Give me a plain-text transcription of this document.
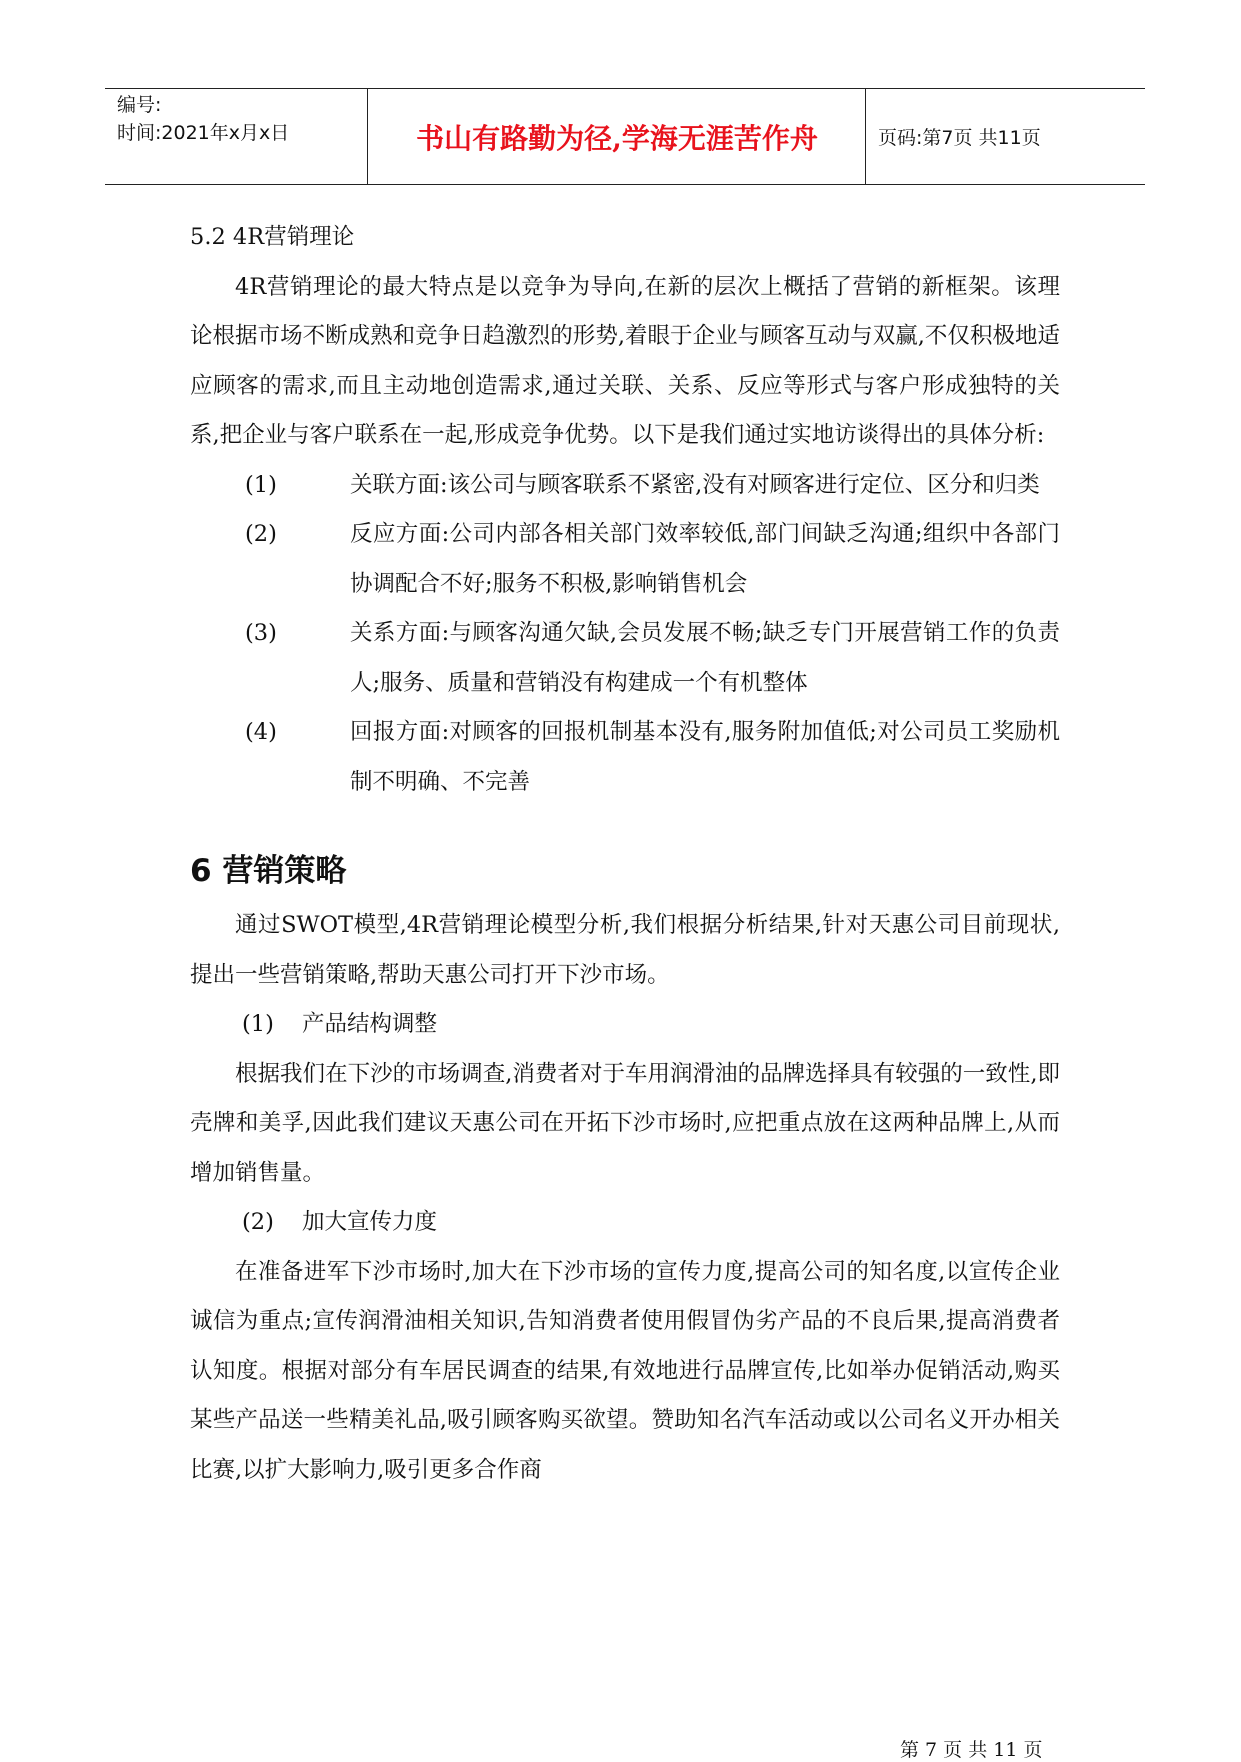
编号:
时间:2021年x月x日	书山有路勤为径,学海无涯苦作舟	页码:第7页 共11页

5.2 4R营销理论

4R营销理论的最大特点是以竞争为导向,在新的层次上概括了营销的新框架。该理论根据市场不断成熟和竞争日趋激烈的形势,着眼于企业与顾客互动与双赢,不仅积极地适应顾客的需求,而且主动地创造需求,通过关联、关系、反应等形式与客户形成独特的关系,把企业与客户联系在一起,形成竞争优势。以下是我们通过实地访谈得出的具体分析:

(1)	关联方面:该公司与顾客联系不紧密,没有对顾客进行定位、区分和归类
(2)	反应方面:公司内部各相关部门效率较低,部门间缺乏沟通;组织中各部门协调配合不好;服务不积极,影响销售机会
(3)	关系方面:与顾客沟通欠缺,会员发展不畅;缺乏专门开展营销工作的负责人;服务、质量和营销没有构建成一个有机整体
(4)	回报方面:对顾客的回报机制基本没有,服务附加值低;对公司员工奖励机制不明确、不完善
6 营销策略

通过SWOT模型,4R营销理论模型分析,我们根据分析结果,针对天惠公司目前现状,提出一些营销策略,帮助天惠公司打开下沙市场。

(1) 产品结构调整

根据我们在下沙的市场调查,消费者对于车用润滑油的品牌选择具有较强的一致性,即壳牌和美孚,因此我们建议天惠公司在开拓下沙市场时,应把重点放在这两种品牌上,从而增加销售量。

(2) 加大宣传力度

在准备进军下沙市场时,加大在下沙市场的宣传力度,提高公司的知名度,以宣传企业诚信为重点;宣传润滑油相关知识,告知消费者使用假冒伪劣产品的不良后果,提高消费者认知度。根据对部分有车居民调查的结果,有效地进行品牌宣传,比如举办促销活动,购买某些产品送一些精美礼品,吸引顾客购买欲望。赞助知名汽车活动或以公司名义开办相关比赛,以扩大影响力,吸引更多合作商

第 7 页 共 11 页
